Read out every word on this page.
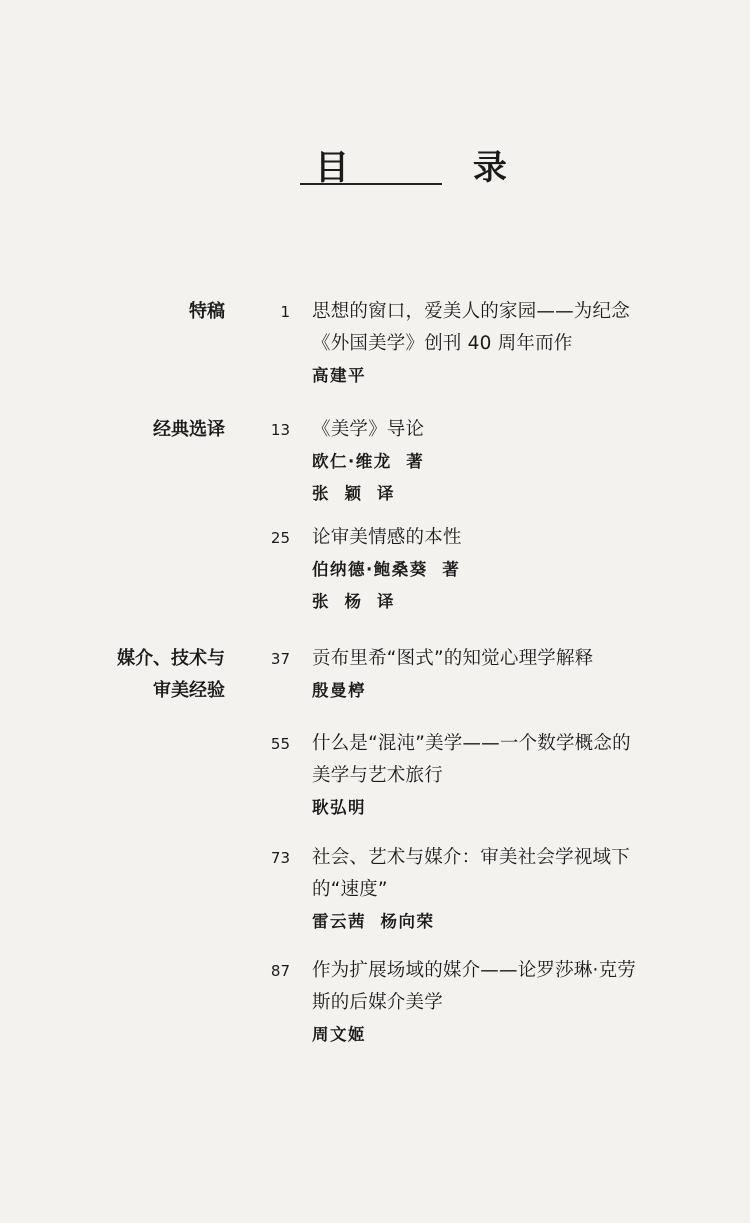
目 录
特稿
经典选译
媒介、技术与
审美经验
1 思想的窗口，爱美人的家园——为纪念《外国美学》创刊 40 周年而作
高建平
13 《美学》导论
欧仁·维龙  著
张  颖  译
25 论审美情感的本性
伯纳德·鲍桑葵  著
张  杨  译
37 贡布里希“图式”的知觉心理学解释
殷曼楟
55 什么是“混沌”美学——一个数学概念的美学与艺术旅行
耿弘明
73 社会、艺术与媒介：审美社会学视域下的“速度”
雷云茜  杨向荣
87 作为扩展场域的媒介——论罗莎琳·克劳斯的后媒介美学
周文姬
